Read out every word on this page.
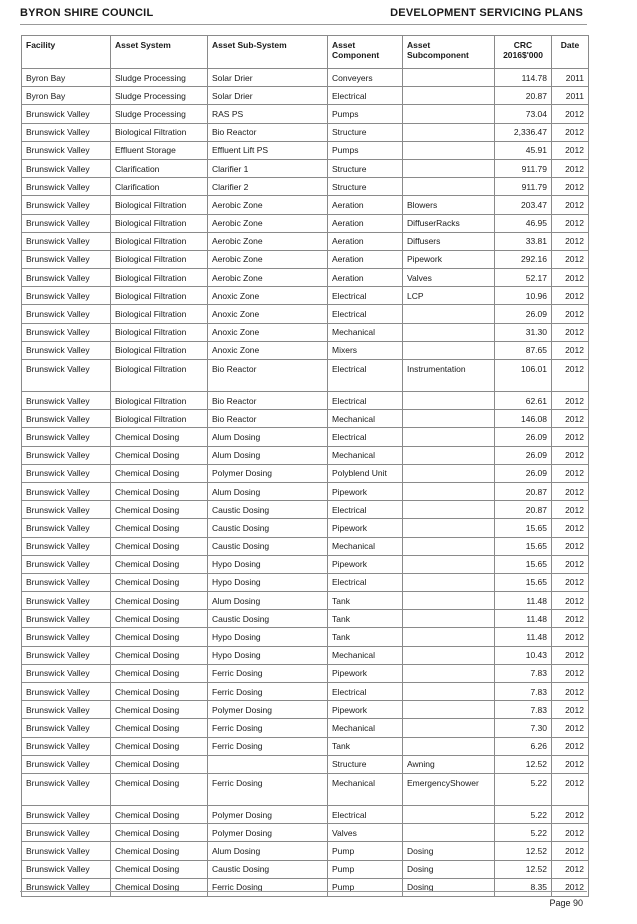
BYRON SHIRE COUNCIL	DEVELOPMENT SERVICING PLANS
Facility	Asset System	Asset Sub-System	Asset Component	Asset Subcomponent	CRC 2016$'000	Date
Byron Bay	Sludge Processing	Solar Drier	Conveyers		114.78	2011
Byron Bay	Sludge Processing	Solar Drier	Electrical		20.87	2011
Brunswick Valley	Sludge Processing	RAS PS	Pumps		73.04	2012
Brunswick Valley	Biological Filtration	Bio Reactor	Structure		2,336.47	2012
Brunswick Valley	Effluent Storage	Effluent Lift PS	Pumps		45.91	2012
Brunswick Valley	Clarification	Clarifier 1	Structure		911.79	2012
Brunswick Valley	Clarification	Clarifier 2	Structure		911.79	2012
Brunswick Valley	Biological Filtration	Aerobic Zone	Aeration	Blowers	203.47	2012
Brunswick Valley	Biological Filtration	Aerobic Zone	Aeration	DiffuserRacks	46.95	2012
Brunswick Valley	Biological Filtration	Aerobic Zone	Aeration	Diffusers	33.81	2012
Brunswick Valley	Biological Filtration	Aerobic Zone	Aeration	Pipework	292.16	2012
Brunswick Valley	Biological Filtration	Aerobic Zone	Aeration	Valves	52.17	2012
Brunswick Valley	Biological Filtration	Anoxic Zone	Electrical	LCP	10.96	2012
Brunswick Valley	Biological Filtration	Anoxic Zone	Electrical		26.09	2012
Brunswick Valley	Biological Filtration	Anoxic Zone	Mechanical		31.30	2012
Brunswick Valley	Biological Filtration	Anoxic Zone	Mixers		87.65	2012
Brunswick Valley	Biological Filtration	Bio Reactor	Electrical	Instrumentation	106.01	2012
Brunswick Valley	Biological Filtration	Bio Reactor	Electrical		62.61	2012
Brunswick Valley	Biological Filtration	Bio Reactor	Mechanical		146.08	2012
Brunswick Valley	Chemical Dosing	Alum Dosing	Electrical		26.09	2012
Brunswick Valley	Chemical Dosing	Alum Dosing	Mechanical		26.09	2012
Brunswick Valley	Chemical Dosing	Polymer Dosing	Polyblend Unit		26.09	2012
Brunswick Valley	Chemical Dosing	Alum Dosing	Pipework		20.87	2012
Brunswick Valley	Chemical Dosing	Caustic Dosing	Electrical		20.87	2012
Brunswick Valley	Chemical Dosing	Caustic Dosing	Pipework		15.65	2012
Brunswick Valley	Chemical Dosing	Caustic Dosing	Mechanical		15.65	2012
Brunswick Valley	Chemical Dosing	Hypo Dosing	Pipework		15.65	2012
Brunswick Valley	Chemical Dosing	Hypo Dosing	Electrical		15.65	2012
Brunswick Valley	Chemical Dosing	Alum Dosing	Tank		11.48	2012
Brunswick Valley	Chemical Dosing	Caustic Dosing	Tank		11.48	2012
Brunswick Valley	Chemical Dosing	Hypo Dosing	Tank		11.48	2012
Brunswick Valley	Chemical Dosing	Hypo Dosing	Mechanical		10.43	2012
Brunswick Valley	Chemical Dosing	Ferric Dosing	Pipework		7.83	2012
Brunswick Valley	Chemical Dosing	Ferric Dosing	Electrical		7.83	2012
Brunswick Valley	Chemical Dosing	Polymer Dosing	Pipework		7.83	2012
Brunswick Valley	Chemical Dosing	Ferric Dosing	Mechanical		7.30	2012
Brunswick Valley	Chemical Dosing	Ferric Dosing	Tank		6.26	2012
Brunswick Valley	Chemical Dosing		Structure	Awning	12.52	2012
Brunswick Valley	Chemical Dosing	Ferric Dosing	Mechanical	EmergencyShower	5.22	2012
Brunswick Valley	Chemical Dosing	Polymer Dosing	Electrical		5.22	2012
Brunswick Valley	Chemical Dosing	Polymer Dosing	Valves		5.22	2012
Brunswick Valley	Chemical Dosing	Alum Dosing	Pump	Dosing	12.52	2012
Brunswick Valley	Chemical Dosing	Caustic Dosing	Pump	Dosing	12.52	2012
Brunswick Valley	Chemical Dosing	Ferric Dosing	Pump	Dosing	8.35	2012
Page 90
